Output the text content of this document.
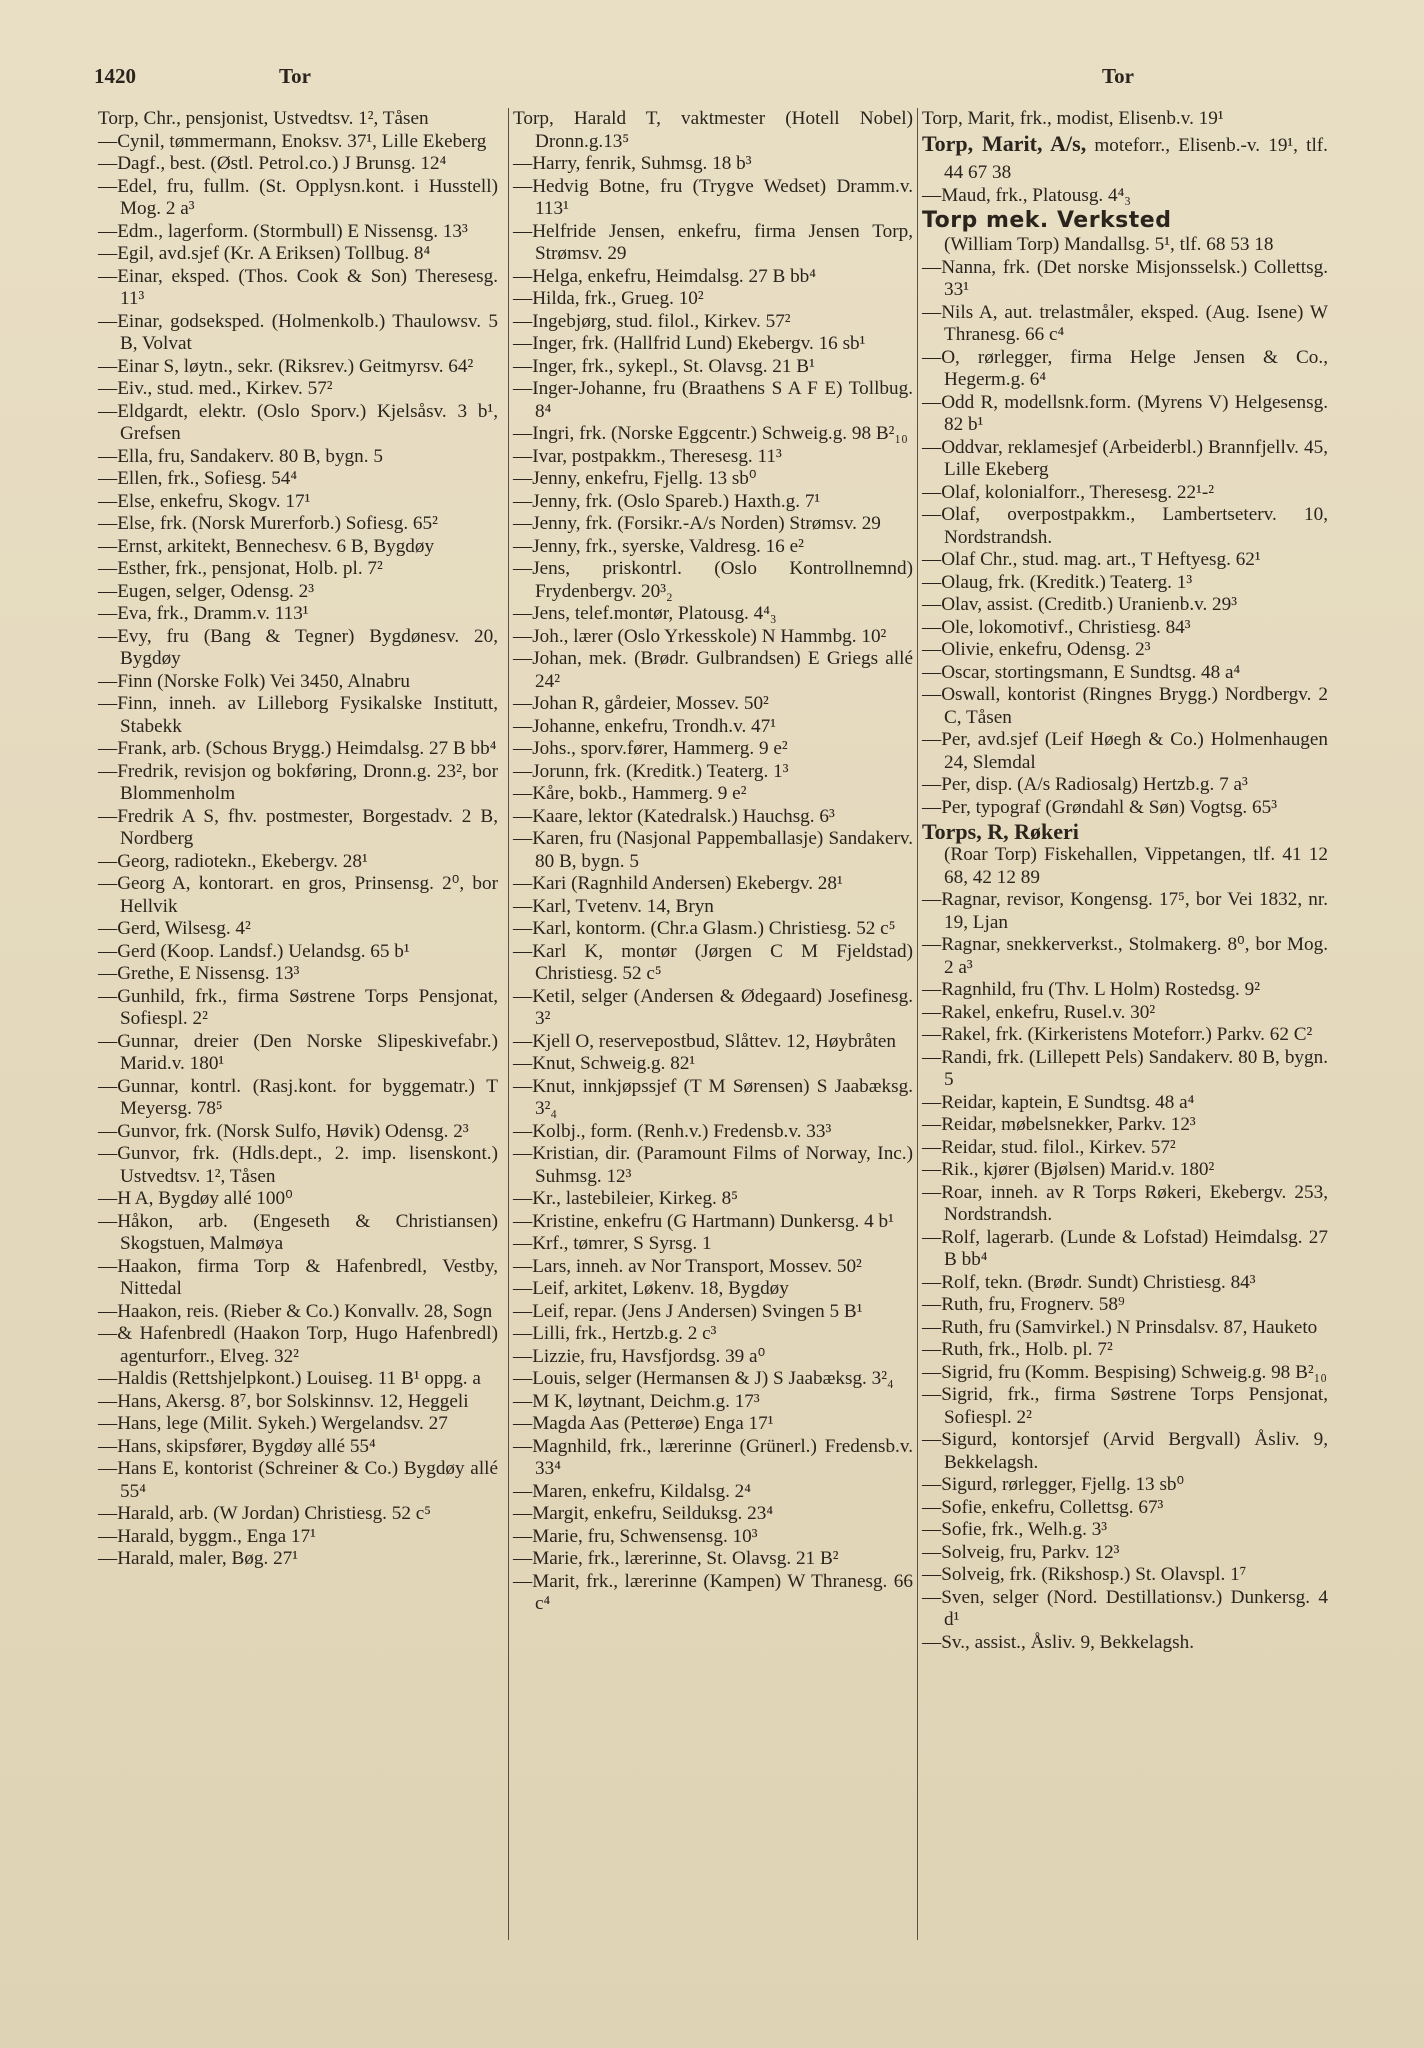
1420	Tor	Tor

Torp, Chr., pensjonist, Ustvedtsv. 1², Tåsen

—Cynil, tømmermann, Enoksv. 37¹, Lille Ekeberg

—Dagf., best. (Østl. Petrol.co.) J Brunsg. 12⁴

—Edel, fru, fullm. (St. Opplysn.kont. i Husstell) Mog. 2 a³

—Edm., lagerform. (Stormbull) E Nissensg. 13³

—Egil, avd.sjef (Kr. A Eriksen) Tollbug. 8⁴

—Einar, eksped. (Thos. Cook & Son) Theresesg. 11³

—Einar, godseksped. (Holmenkolb.) Thaulowsv. 5 B, Volvat

—Einar S, løytn., sekr. (Riksrev.) Geitmyrsv. 64²

—Eiv., stud. med., Kirkev. 57²

—Eldgardt, elektr. (Oslo Sporv.) Kjelsåsv. 3 b¹, Grefsen

—Ella, fru, Sandakerv. 80 B, bygn. 5

—Ellen, frk., Sofiesg. 54⁴

—Else, enkefru, Skogv. 17¹

—Else, frk. (Norsk Murerforb.) Sofiesg. 65²

—Ernst, arkitekt, Bennechesv. 6 B, Bygdøy

—Esther, frk., pensjonat, Holb. pl. 7²

—Eugen, selger, Odensg. 2³

—Eva, frk., Dramm.v. 113¹

—Evy, fru (Bang & Tegner) Bygdønesv. 20, Bygdøy

—Finn (Norske Folk) Vei 3450, Alnabru

—Finn, inneh. av Lilleborg Fysikalske Institutt, Stabekk

—Frank, arb. (Schous Brygg.) Heimdalsg. 27 B bb⁴

—Fredrik, revisjon og bokføring, Dronn.g. 23², bor Blommenholm

—Fredrik A S, fhv. postmester, Borgestadv. 2 B, Nordberg

—Georg, radiotekn., Ekebergv. 28¹

—Georg A, kontorart. en gros, Prinsensg. 2⁰, bor Hellvik

—Gerd, Wilsesg. 4²

—Gerd (Koop. Landsf.) Uelandsg. 65 b¹

—Grethe, E Nissensg. 13³

—Gunhild, frk., firma Søstrene Torps Pensjonat, Sofiespl. 2²

—Gunnar, dreier (Den Norske Slipeskivefabr.) Marid.v. 180¹

—Gunnar, kontrl. (Rasj.kont. for byggematr.) T Meyersg. 78⁵

—Gunvor, frk. (Norsk Sulfo, Høvik) Odensg. 2³

—Gunvor, frk. (Hdls.dept., 2. imp. lisenskont.) Ustvedtsv. 1², Tåsen

—H A, Bygdøy allé 100⁰

—Håkon, arb. (Engeseth & Christiansen) Skogstuen, Malmøya

—Haakon, firma Torp & Hafenbredl, Vestby, Nittedal

—Haakon, reis. (Rieber & Co.) Konvallv. 28, Sogn

—& Hafenbredl (Haakon Torp, Hugo Hafenbredl) agenturforr., Elveg. 32²

—Haldis (Rettshjelpkont.) Louiseg. 11 B¹ oppg. a

—Hans, Akersg. 8⁷, bor Solskinnsv. 12, Heggeli

—Hans, lege (Milit. Sykeh.) Wergelandsv. 27

—Hans, skipsfører, Bygdøy allé 55⁴

—Hans E, kontorist (Schreiner & Co.) Bygdøy allé 55⁴

—Harald, arb. (W Jordan) Christiesg. 52 c⁵

—Harald, byggm., Enga 17¹

—Harald, maler, Bøg. 27¹

Torp, Harald T, vaktmester (Hotell Nobel) Dronn.g.13⁵

—Harry, fenrik, Suhmsg. 18 b³

—Hedvig Botne, fru (Trygve Wedset) Dramm.v. 113¹

—Helfride Jensen, enkefru, firma Jensen Torp, Strømsv. 29

—Helga, enkefru, Heimdalsg. 27 B bb⁴

—Hilda, frk., Grueg. 10²

—Ingebjørg, stud. filol., Kirkev. 57²

—Inger, frk. (Hallfrid Lund) Ekebergv. 16 sb¹

—Inger, frk., sykepl., St. Olavsg. 21 B¹

—Inger-Johanne, fru (Braathens S A F E) Tollbug. 8⁴

—Ingri, frk. (Norske Eggcentr.) Schweig.g. 98 B²₁₀

—Ivar, postpakkm., Theresesg. 11³

—Jenny, enkefru, Fjellg. 13 sb⁰

—Jenny, frk. (Oslo Spareb.) Haxth.g. 7¹

—Jenny, frk. (Forsikr.-A/s Norden) Strømsv. 29

—Jenny, frk., syerske, Valdresg. 16 e²

—Jens, priskontrl. (Oslo Kontrollnemnd) Frydenbergv. 20³₂

—Jens, telef.montør, Platousg. 4⁴₃

—Joh., lærer (Oslo Yrkesskole) N Hammbg. 10²

—Johan, mek. (Brødr. Gulbrandsen) E Griegs allé 24²

—Johan R, gårdeier, Mossev. 50²

—Johanne, enkefru, Trondh.v. 47¹

—Johs., sporv.fører, Hammerg. 9 e²

—Jorunn, frk. (Kreditk.) Teaterg. 1³

—Kåre, bokb., Hammerg. 9 e²

—Kaare, lektor (Katedralsk.) Hauchsg. 6³

—Karen, fru (Nasjonal Pappemballasje) Sandakerv. 80 B, bygn. 5

—Kari (Ragnhild Andersen) Ekebergv. 28¹

—Karl, Tvetenv. 14, Bryn

—Karl, kontorm. (Chr.a Glasm.) Christiesg. 52 c⁵

—Karl K, montør (Jørgen C M Fjeldstad) Christiesg. 52 c⁵

—Ketil, selger (Andersen & Ødegaard) Josefinesg. 3²

—Kjell O, reservepostbud, Slåttev. 12, Høybråten

—Knut, Schweig.g. 82¹

—Knut, innkjøpssjef (T M Sørensen) S Jaabæksg. 3²₄

—Kolbj., form. (Renh.v.) Fredensb.v. 33³

—Kristian, dir. (Paramount Films of Norway, Inc.) Suhmsg. 12³

—Kr., lastebileier, Kirkeg. 8⁵

—Kristine, enkefru (G Hartmann) Dunkersg. 4 b¹

—Krf., tømrer, S Syrsg. 1

—Lars, inneh. av Nor Transport, Mossev. 50²

—Leif, arkitet, Løkenv. 18, Bygdøy

—Leif, repar. (Jens J Andersen) Svingen 5 B¹

—Lilli, frk., Hertzb.g. 2 c³

—Lizzie, fru, Havsfjordsg. 39 a⁰

—Louis, selger (Hermansen & J) S Jaabæksg. 3²₄

—M K, løytnant, Deichm.g. 17³

—Magda Aas (Petterøe) Enga 17¹

—Magnhild, frk., lærerinne (Grünerl.) Fredensb.v. 33⁴

—Maren, enkefru, Kildalsg. 2⁴

—Margit, enkefru, Seilduksg. 23⁴

—Marie, fru, Schwensensg. 10³

—Marie, frk., lærerinne, St. Olavsg. 21 B²

—Marit, frk., lærerinne (Kampen) W Thranesg. 66 c⁴

Torp, Marit, frk., modist, Elisenb.v. 19¹

Torp, Marit, A/s, moteforr., Elisenb.-v. 19¹, tlf. 44 67 38

—Maud, frk., Platousg. 4⁴₃

Torp mek. Verksted

(William Torp) Mandallsg. 5¹, tlf. 68 53 18

—Nanna, frk. (Det norske Misjonsselsk.) Collettsg. 33¹

—Nils A, aut. trelastmåler, eksped. (Aug. Isene) W Thranesg. 66 c⁴

—O, rørlegger, firma Helge Jensen & Co., Hegerm.g. 6⁴

—Odd R, modellsnk.form. (Myrens V) Helgesensg. 82 b¹

—Oddvar, reklamesjef (Arbeiderbl.) Brannfjellv. 45, Lille Ekeberg

—Olaf, kolonialforr., Theresesg. 22¹‑²

—Olaf, overpostpakkm., Lambertseterv. 10, Nordstrandsh.

—Olaf Chr., stud. mag. art., T Heftyesg. 62¹

—Olaug, frk. (Kreditk.) Teaterg. 1³

—Olav, assist. (Creditb.) Uranienb.v. 29³

—Ole, lokomotivf., Christiesg. 84³

—Olivie, enkefru, Odensg. 2³

—Oscar, stortingsmann, E Sundtsg. 48 a⁴

—Oswall, kontorist (Ringnes Brygg.) Nordbergv. 2 C, Tåsen

—Per, avd.sjef (Leif Høegh & Co.) Holmenhaugen 24, Slemdal

—Per, disp. (A/s Radiosalg) Hertzb.g. 7 a³

—Per, typograf (Grøndahl & Søn) Vogtsg. 65³

Torps, R, Røkeri

(Roar Torp) Fiskehallen, Vippetangen, tlf. 41 12 68, 42 12 89

—Ragnar, revisor, Kongensg. 17⁵, bor Vei 1832, nr. 19, Ljan

—Ragnar, snekkerverkst., Stolmakerg. 8⁰, bor Mog. 2 a³

—Ragnhild, fru (Thv. L Holm) Rostedsg. 9²

—Rakel, enkefru, Rusel.v. 30²

—Rakel, frk. (Kirkeristens Moteforr.) Parkv. 62 C²

—Randi, frk. (Lillepett Pels) Sandakerv. 80 B, bygn. 5

—Reidar, kaptein, E Sundtsg. 48 a⁴

—Reidar, møbelsnekker, Parkv. 12³

—Reidar, stud. filol., Kirkev. 57²

—Rik., kjører (Bjølsen) Marid.v. 180²

—Roar, inneh. av R Torps Røkeri, Ekebergv. 253, Nordstrandsh.

—Rolf, lagerarb. (Lunde & Lofstad) Heimdalsg. 27 B bb⁴

—Rolf, tekn. (Brødr. Sundt) Christiesg. 84³

—Ruth, fru, Frognerv. 58⁹

—Ruth, fru (Samvirkel.) N Prinsdalsv. 87, Hauketo

—Ruth, frk., Holb. pl. 7²

—Sigrid, fru (Komm. Bespising) Schweig.g. 98 B²₁₀

—Sigrid, frk., firma Søstrene Torps Pensjonat, Sofiespl. 2²

—Sigurd, kontorsjef (Arvid Bergvall) Åsliv. 9, Bekkelagsh.

—Sigurd, rørlegger, Fjellg. 13 sb⁰

—Sofie, enkefru, Collettsg. 67³

—Sofie, frk., Welh.g. 3³

—Solveig, fru, Parkv. 12³

—Solveig, frk. (Rikshosp.) St. Olavspl. 1⁷

—Sven, selger (Nord. Destillationsv.) Dunkersg. 4 d¹

—Sv., assist., Åsliv. 9, Bekkelagsh.
